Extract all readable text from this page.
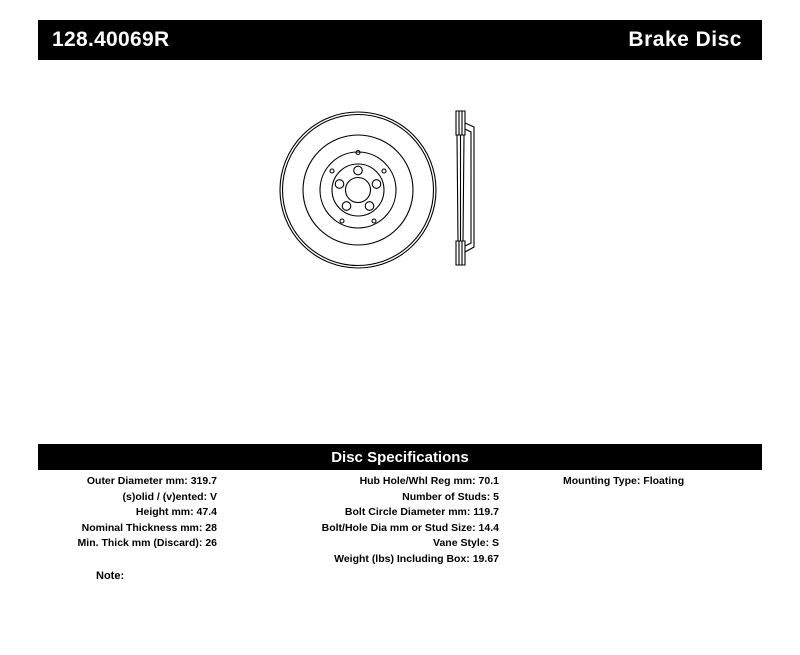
128.40069R	Brake Disc
Disc Specifications
Outer Diameter mm: 319.7
(s)olid / (v)ented: V
Height mm: 47.4
Nominal Thickness mm: 28
Min. Thick mm (Discard): 26
Hub Hole/Whl Reg mm: 70.1
Number of Studs: 5
Bolt Circle Diameter mm: 119.7
Bolt/Hole Dia mm or Stud Size: 14.4
Vane Style: S
Weight (lbs) Including Box: 19.67
Mounting Type: Floating
Note:
